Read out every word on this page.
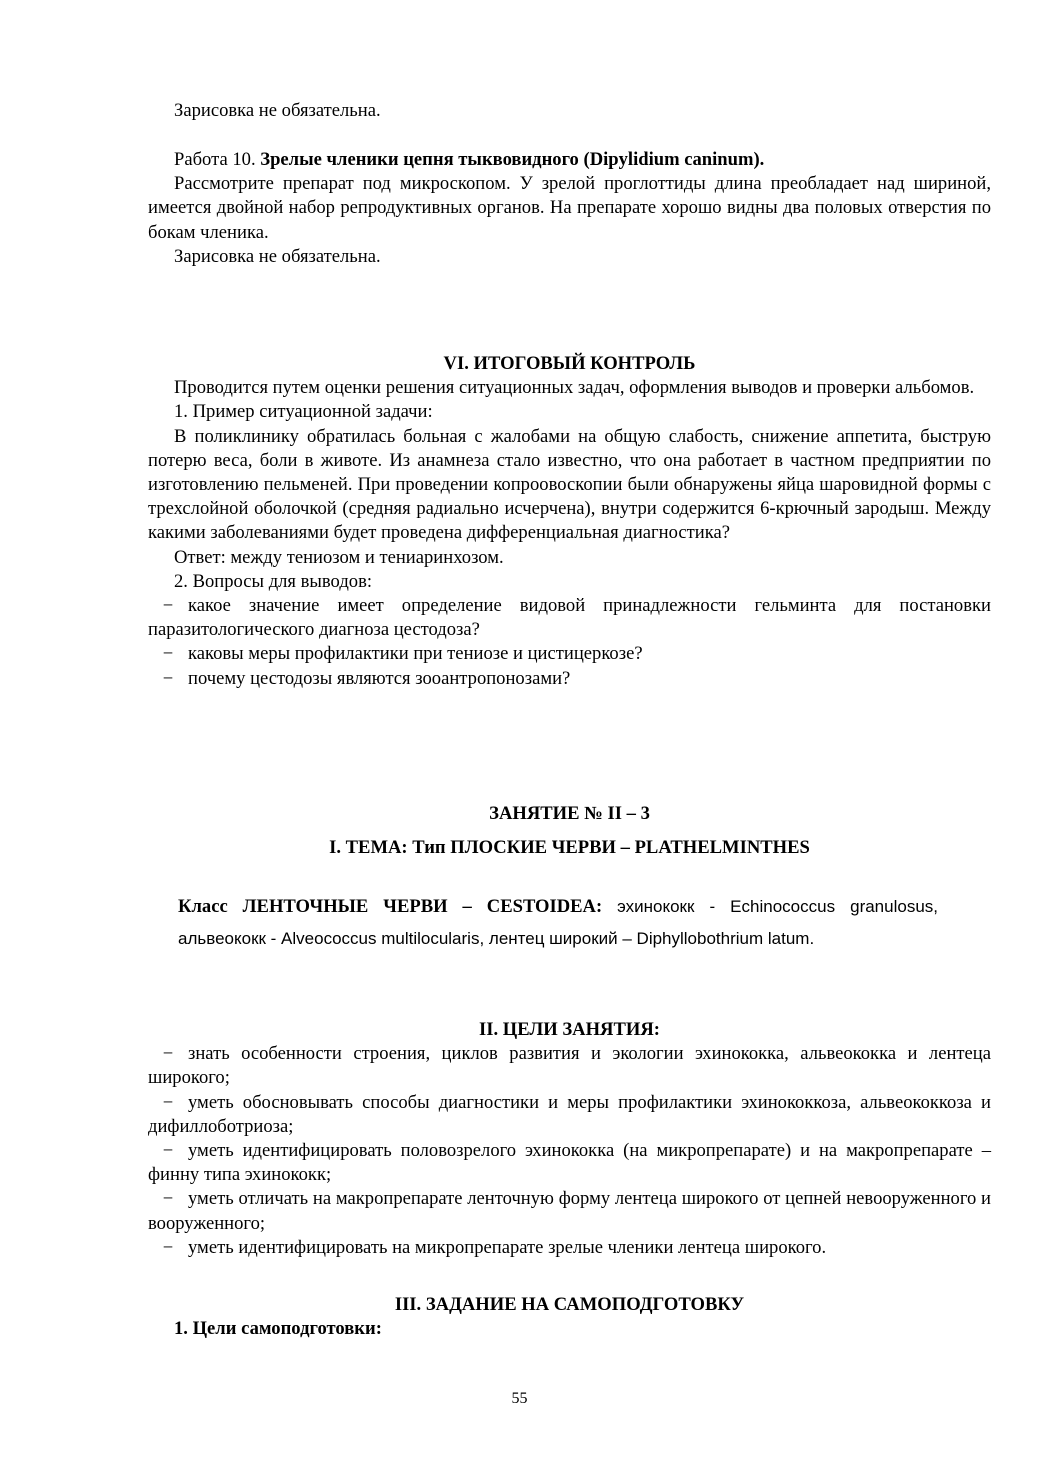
Зарисовка не обязательна.

Работа 10. Зрелые членики цепня тыквовидного (Dipylidium caninum).

Рассмотрите препарат под микроскопом. У зрелой проглоттиды длина преобладает над шириной, имеется двойной набор репродуктивных органов. На препарате хорошо видны два половых отверстия по бокам членика.

Зарисовка не обязательна.

VI. ИТОГОВЫЙ КОНТРОЛЬ

Проводится путем оценки решения ситуационных задач, оформления выводов и проверки альбомов.

1. Пример ситуационной задачи:

В поликлинику обратилась больная с жалобами на общую слабость, снижение аппетита, быструю потерю веса, боли в животе. Из анамнеза стало известно, что она работает в частном предприятии по изготовлению пельменей. При проведении копроовоскопии были обнаружены яйца шаровидной формы с трехслойной оболочкой (средняя радиально исчерчена), внутри содержится 6-крючный зародыш. Между какими заболеваниями будет проведена дифференциальная диагностика?

Ответ: между тениозом и тениаринхозом.

2. Вопросы для выводов:

− какое значение имеет определение видовой принадлежности гельминта для постановки паразитологического диагноза цестодоза?

− каковы меры профилактики при тениозе и цистицеркозе?

− почему цестодозы являются зооантропонозами?

ЗАНЯТИЕ № II – 3

I. ТЕМА: Тип ПЛОСКИЕ ЧЕРВИ – PLATHELMINTHES

Класс ЛЕНТОЧНЫЕ ЧЕРВИ – CESTOIDEA: эхинококк - Echinococcus granulosus, альвеококк - Alveococcus multilocularis, лентец широкий – Diphyllobothrium latum.

II. ЦЕЛИ ЗАНЯТИЯ:

− знать особенности строения, циклов развития и экологии эхинококка, альвеококка и лентеца широкого;

− уметь обосновывать способы диагностики и меры профилактики эхинококкоза, альвеококкоза и дифиллоботриоза;

− уметь идентифицировать половозрелого эхинококка (на микропрепарате) и на макропрепарате – финну типа эхинококк;

− уметь отличать на макропрепарате ленточную форму лентеца широкого от цепней невооруженного и вооруженного;

− уметь идентифицировать на микропрепарате зрелые членики лентеца широкого.

III. ЗАДАНИЕ НА САМОПОДГОТОВКУ

1. Цели самоподготовки:

55
